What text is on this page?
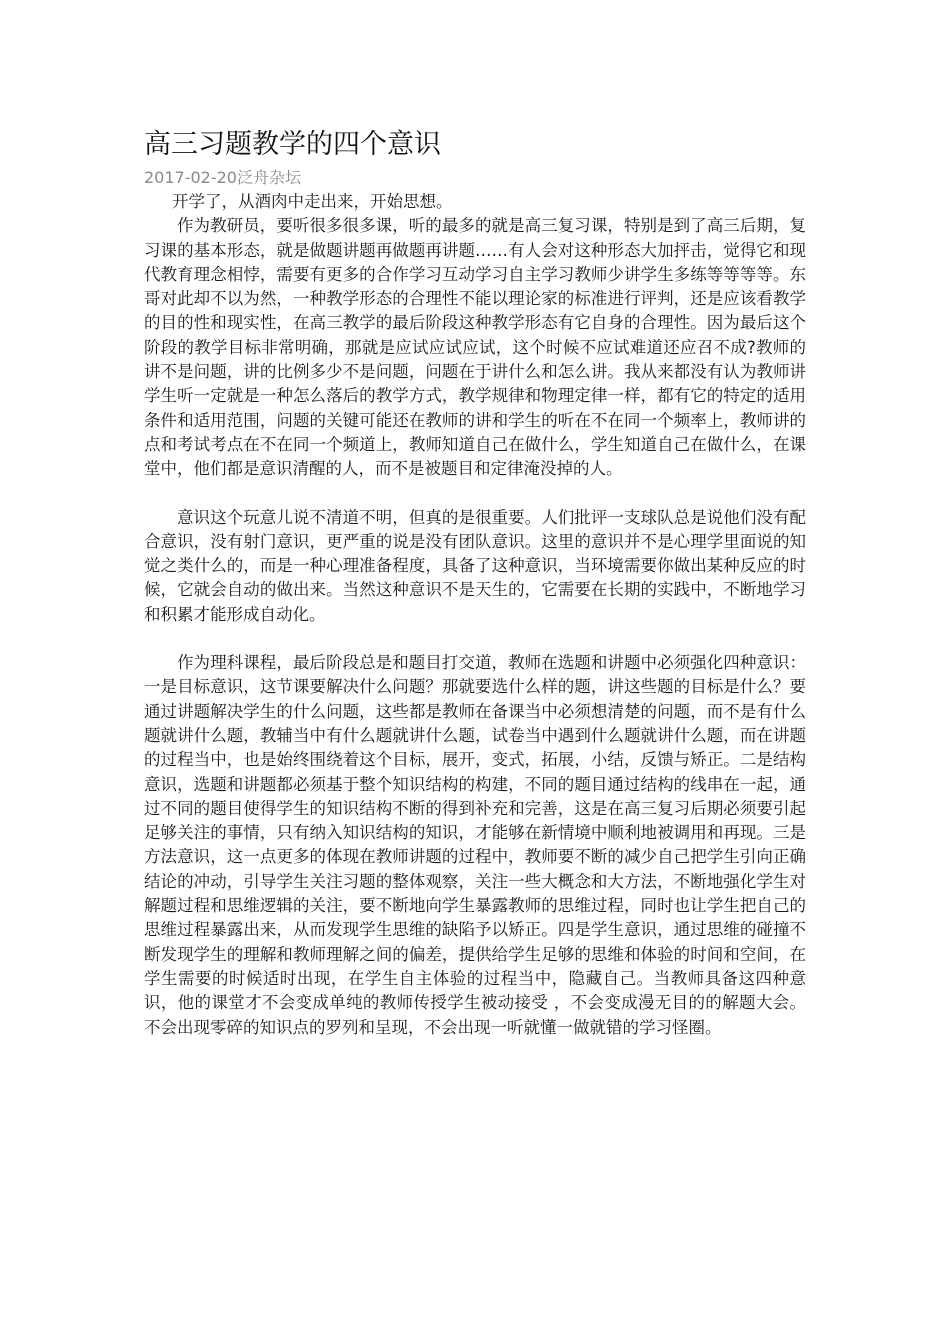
高三习题教学的四个意识
2017-02-20泛舟杂坛

开学了，从酒肉中走出来，开始思想。

作为教研员，要听很多很多课，听的最多的就是高三复习课，特别是到了高三后期，复习课的基本形态，就是做题讲题再做题再讲题……有人会对这种形态大加抨击，觉得它和现代教育理念相悖，需要有更多的合作学习互动学习自主学习教师少讲学生多练等等等等。东哥对此却不以为然，一种教学形态的合理性不能以理论家的标准进行评判，还是应该看教学的目的性和现实性，在高三教学的最后阶段这种教学形态有它自身的合理性。因为最后这个阶段的教学目标非常明确，那就是应试应试应试，这个时候不应试难道还应召不成?教师的讲不是问题，讲的比例多少不是问题，问题在于讲什么和怎么讲。我从来都没有认为教师讲学生听一定就是一种怎么落后的教学方式，教学规律和物理定律一样，都有它的特定的适用条件和适用范围，问题的关键可能还在教师的讲和学生的听在不在同一个频率上，教师讲的点和考试考点在不在同一个频道上，教师知道自己在做什么，学生知道自己在做什么，在课堂中，他们都是意识清醒的人，而不是被题目和定律淹没掉的人。

意识这个玩意儿说不清道不明，但真的是很重要。人们批评一支球队总是说他们没有配合意识，没有射门意识，更严重的说是没有团队意识。这里的意识并不是心理学里面说的知觉之类什么的，而是一种心理准备程度，具备了这种意识，当环境需要你做出某种反应的时候，它就会自动的做出来。当然这种意识不是天生的，它需要在长期的实践中，不断地学习和积累才能形成自动化。

作为理科课程，最后阶段总是和题目打交道，教师在选题和讲题中必须强化四种意识：一是目标意识，这节课要解决什么问题？那就要选什么样的题，讲这些题的目标是什么？要通过讲题解决学生的什么问题，这些都是教师在备课当中必须想清楚的问题，而不是有什么题就讲什么题，教辅当中有什么题就讲什么题，试卷当中遇到什么题就讲什么题，而在讲题的过程当中，也是始终围绕着这个目标，展开，变式，拓展，小结，反馈与矫正。二是结构意识，选题和讲题都必须基于整个知识结构的构建，不同的题目通过结构的线串在一起，通过不同的题目使得学生的知识结构不断的得到补充和完善，这是在高三复习后期必须要引起足够关注的事情，只有纳入知识结构的知识，才能够在新情境中顺利地被调用和再现。三是方法意识，这一点更多的体现在教师讲题的过程中，教师要不断的减少自己把学生引向正确结论的冲动，引导学生关注习题的整体观察，关注一些大概念和大方法，不断地强化学生对解题过程和思维逻辑的关注，要不断地向学生暴露教师的思维过程，同时也让学生把自己的思维过程暴露出来，从而发现学生思维的缺陷予以矫正。四是学生意识，通过思维的碰撞不断发现学生的理解和教师理解之间的偏差，提供给学生足够的思维和体验的时间和空间，在学生需要的时候适时出现，在学生自主体验的过程当中，隐藏自己。当教师具备这四种意识，他的课堂才不会变成单纯的教师传授学生被动接受 ，不会变成漫无目的的解题大会。不会出现零碎的知识点的罗列和呈现，不会出现一听就懂一做就错的学习怪圈。
